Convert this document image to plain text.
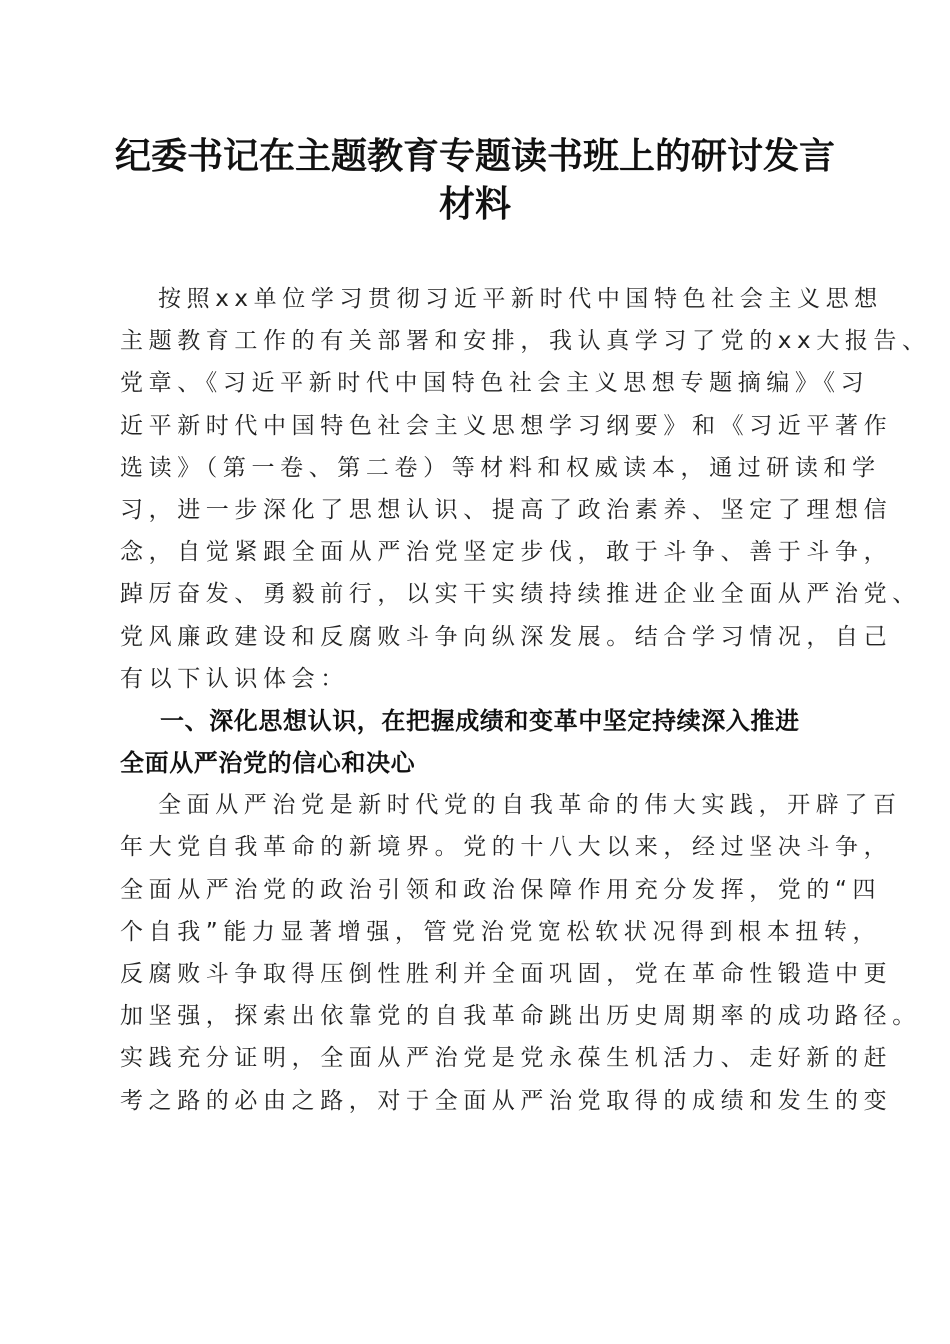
纪委书记在主题教育专题读书班上的研讨发言
材料
按照xx单位学习贯彻习近平新时代中国特色社会主义思想
主题教育工作的有关部署和安排，我认真学习了党的xx大报告、
党章、《习近平新时代中国特色社会主义思想专题摘编》《习
近平新时代中国特色社会主义思想学习纲要》和《习近平著作
选读》（第一卷、第二卷）等材料和权威读本，通过研读和学
习，进一步深化了思想认识、提高了政治素养、坚定了理想信
念，自觉紧跟全面从严治党坚定步伐，敢于斗争、善于斗争，
踔厉奋发、勇毅前行，以实干实绩持续推进企业全面从严治党、
党风廉政建设和反腐败斗争向纵深发展。结合学习情况，自己
有以下认识体会：
一、深化思想认识，在把握成绩和变革中坚定持续深入推进
全面从严治党的信心和决心
全面从严治党是新时代党的自我革命的伟大实践，开辟了百
年大党自我革命的新境界。党的十八大以来，经过坚决斗争，
全面从严治党的政治引领和政治保障作用充分发挥，党的“四
个自我”能力显著增强，管党治党宽松软状况得到根本扭转，
反腐败斗争取得压倒性胜利并全面巩固，党在革命性锻造中更
加坚强，探索出依靠党的自我革命跳出历史周期率的成功路径。
实践充分证明，全面从严治党是党永葆生机活力、走好新的赶
考之路的必由之路，对于全面从严治党取得的成绩和发生的变
